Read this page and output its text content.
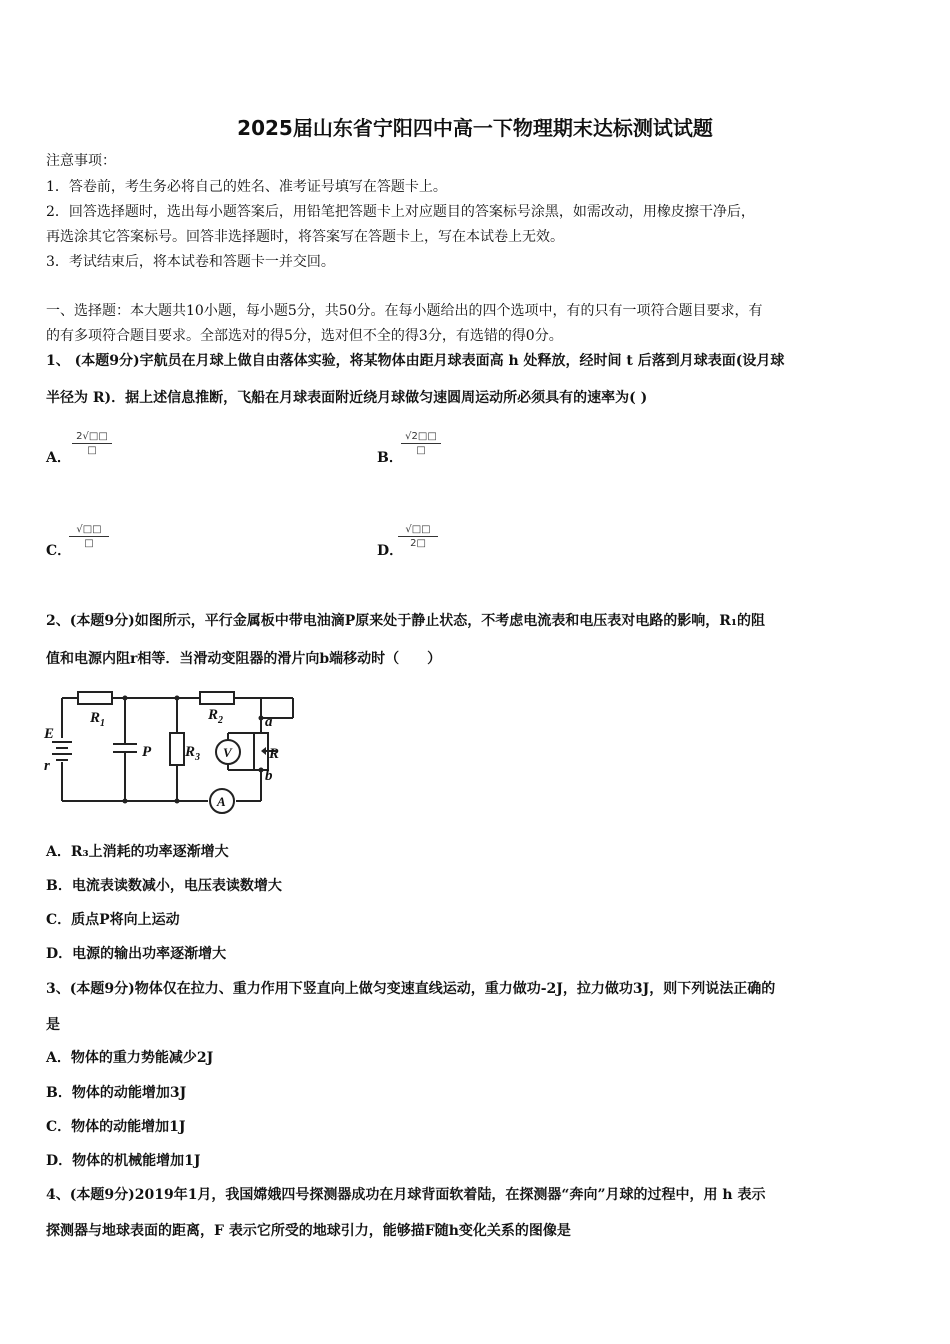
2025届山东省宁阳四中高一下物理期末达标测试试题
注意事项：
1．答卷前，考生务必将自己的姓名、准考证号填写在答题卡上。
2．回答选择题时，选出每小题答案后，用铅笔把答题卡上对应题目的答案标号涂黑，如需改动，用橡皮擦干净后，
再选涂其它答案标号。回答非选择题时，将答案写在答题卡上，写在本试卷上无效。
3．考试结束后，将本试卷和答题卡一并交回。
一、选择题：本大题共10小题，每小题5分，共50分。在每小题给出的四个选项中，有的只有一项符合题目要求，有
的有多项符合题目要求。全部选对的得5分，选对但不全的得3分，有选错的得0分。
1、 (本题9分)宇航员在月球上做自由落体实验，将某物体由距月球表面高 h 处释放，经时间 t 后落到月球表面(设月球
半径为 R)．据上述信息推断，飞船在月球表面附近绕月球做匀速圆周运动所必须具有的速率为( )
A．
2√□□
□	B．
√2□□
□
C．
√□□
□	D．
√□□
2□
2、(本题9分)如图所示，平行金属板中带电油滴P原来处于静止状态，不考虑电流表和电压表对电路的影响，R₁的阻
值和电源内阻r相等．当滑动变阻器的滑片向b端移动时（　　）
E
r
$R_1$
$R_2$
$R_3$
P	R
a
b
V
A
A．R₃上消耗的功率逐渐增大
B．电流表读数减小，电压表读数增大
C．质点P将向上运动
D．电源的输出功率逐渐增大
3、(本题9分)物体仅在拉力、重力作用下竖直向上做匀变速直线运动，重力做功-2J，拉力做功3J，则下列说法正确的
是
A．物体的重力势能减少2J
B．物体的动能增加3J
C．物体的动能增加1J
D．物体的机械能增加1J
4、(本题9分)2019年1月，我国嫦娥四号探测器成功在月球背面软着陆，在探测器“奔向”月球的过程中，用 h 表示
探测器与地球表面的距离，F 表示它所受的地球引力，能够描F随h变化关系的图像是
